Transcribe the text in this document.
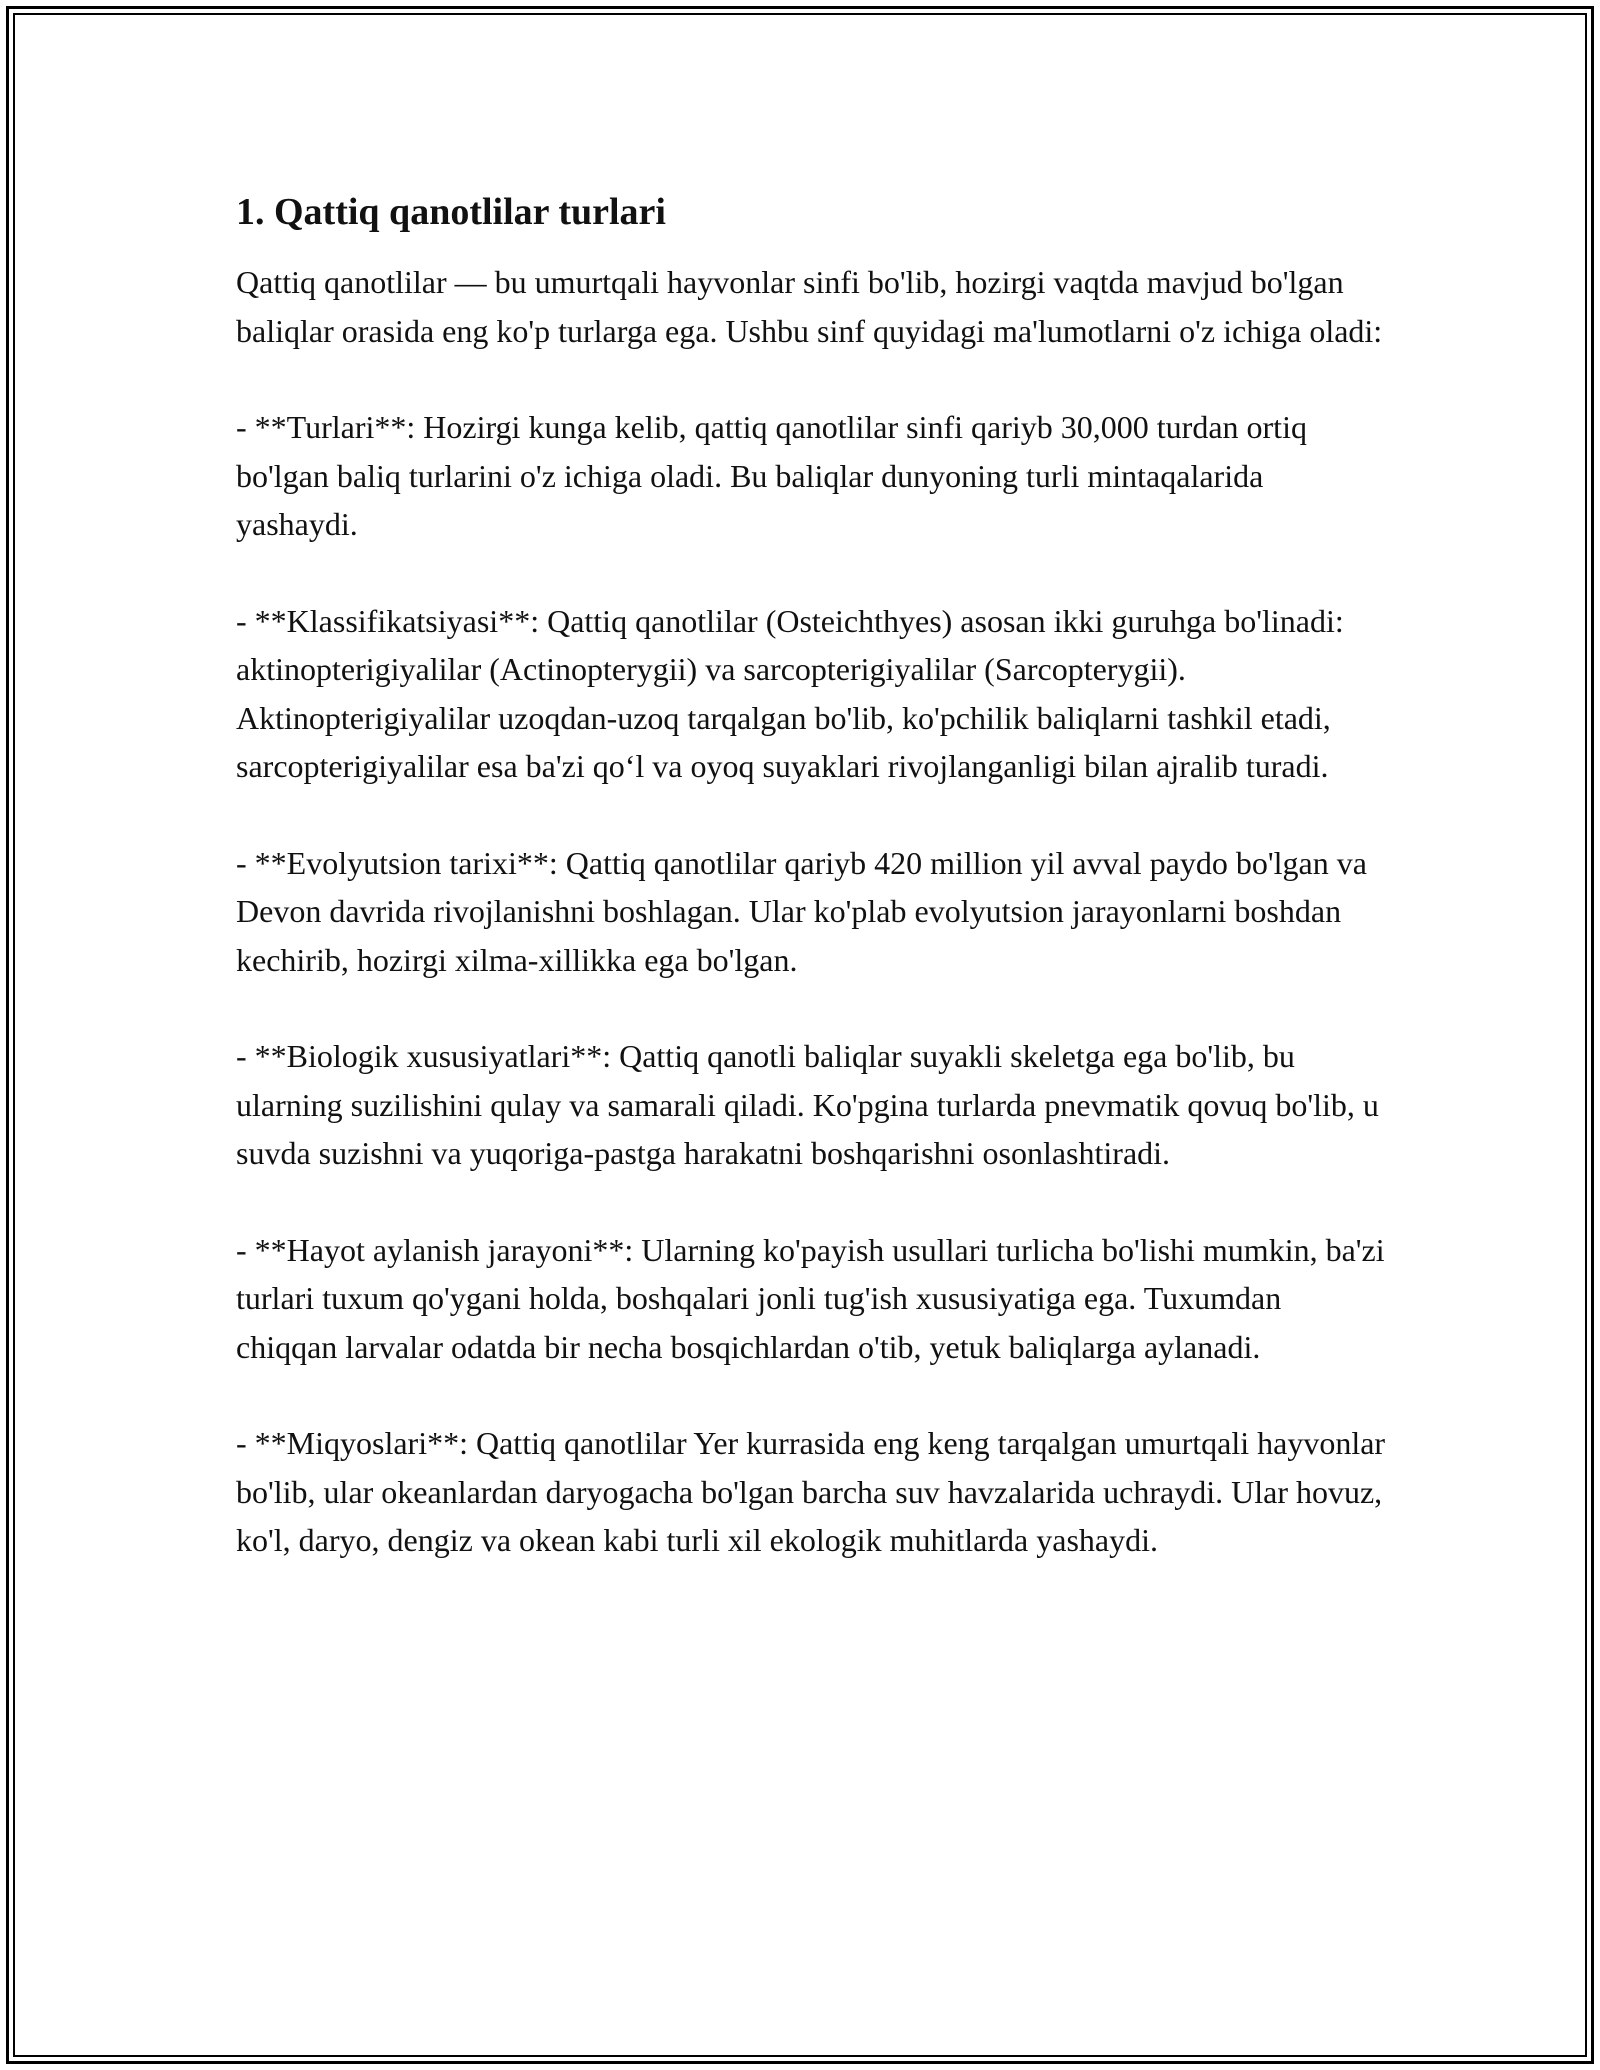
1. Qattiq qanotlilar turlari

Qattiq qanotlilar — bu umurtqali hayvonlar sinfi bo'lib, hozirgi vaqtda mavjud bo'lgan baliqlar orasida eng ko'p turlarga ega. Ushbu sinf quyidagi ma'lumotlarni o'z ichiga oladi:

- **Turlari**: Hozirgi kunga kelib, qattiq qanotlilar sinfi qariyb 30,000 turdan ortiq bo'lgan baliq turlarini o'z ichiga oladi. Bu baliqlar dunyoning turli mintaqalarida yashaydi.

- **Klassifikatsiyasi**: Qattiq qanotlilar (Osteichthyes) asosan ikki guruhga bo'linadi: aktinopterigiyalilar (Actinopterygii) va sarcopterigiyalilar (Sarcopterygii). Aktinopterigiyalilar uzoqdan-uzoq tarqalgan bo'lib, ko'pchilik baliqlarni tashkil etadi, sarcopterigiyalilar esa ba'zi qo‘l va oyoq suyaklari rivojlanganligi bilan ajralib turadi.

- **Evolyutsion tarixi**: Qattiq qanotlilar qariyb 420 million yil avval paydo bo'lgan va Devon davrida rivojlanishni boshlagan. Ular ko'plab evolyutsion jarayonlarni boshdan kechirib, hozirgi xilma-xillikka ega bo'lgan.

- **Biologik xususiyatlari**: Qattiq qanotli baliqlar suyakli skeletga ega bo'lib, bu ularning suzilishini qulay va samarali qiladi. Ko'pgina turlarda pnevmatik qovuq bo'lib, u suvda suzishni va yuqoriga-pastga harakatni boshqarishni osonlashtiradi.

- **Hayot aylanish jarayoni**: Ularning ko'payish usullari turlicha bo'lishi mumkin, ba'zi turlari tuxum qo'ygani holda, boshqalari jonli tug'ish xususiyatiga ega. Tuxumdan chiqqan larvalar odatda bir necha bosqichlardan o'tib, yetuk baliqlarga aylanadi.

- **Miqyoslari**: Qattiq qanotlilar Yer kurrasida eng keng tarqalgan umurtqali hayvonlar bo'lib, ular okeanlardan daryogacha bo'lgan barcha suv havzalarida uchraydi. Ular hovuz, ko'l, daryo, dengiz va okean kabi turli xil ekologik muhitlarda yashaydi.
